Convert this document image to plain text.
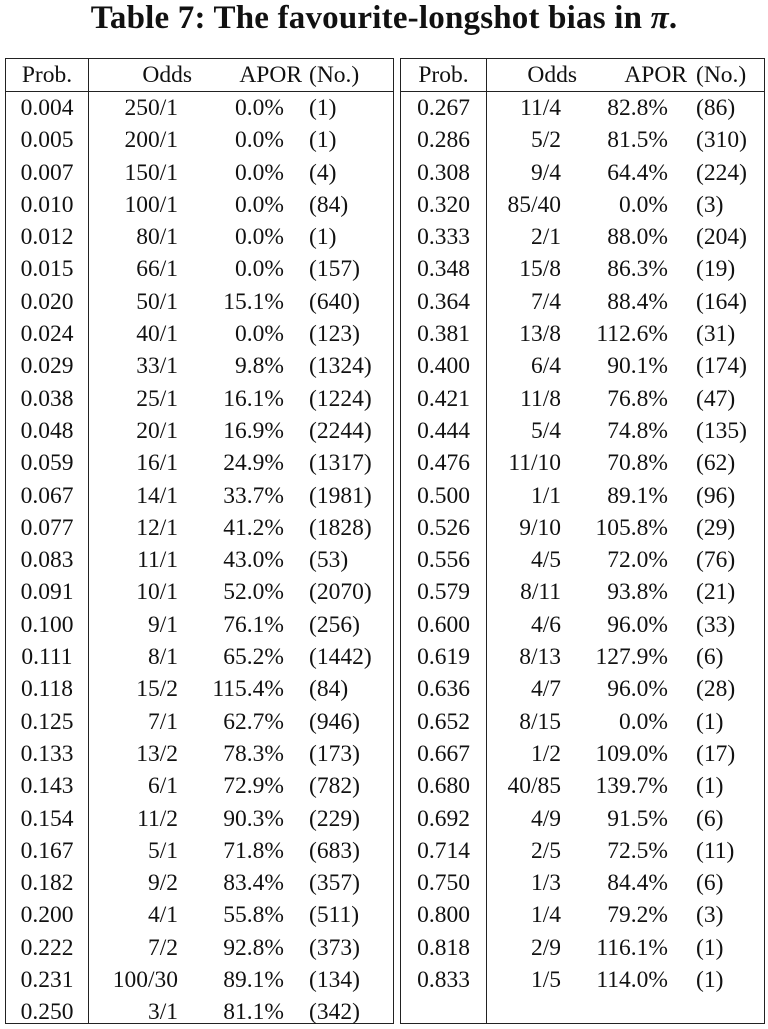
Table 7: The favourite-longshot bias in π.
Prob.	Odds	APOR (No.)
0.004	250/1	0.0% (1)
0.005	200/1	0.0% (1)
0.007	150/1	0.0% (4)
0.010	100/1	0.0% (84)
0.012	80/1	0.0% (1)
0.015	66/1	0.0% (157)
0.020	50/1	15.1% (640)
0.024	40/1	0.0% (123)
0.029	33/1	9.8% (1324)
0.038	25/1	16.1% (1224)
0.048	20/1	16.9% (2244)
0.059	16/1	24.9% (1317)
0.067	14/1	33.7% (1981)
0.077	12/1	41.2% (1828)
0.083	11/1	43.0% (53)
0.091	10/1	52.0% (2070)
0.100	9/1	76.1% (256)
0.111	8/1	65.2% (1442)
0.118	15/2	115.4% (84)
0.125	7/1	62.7% (946)
0.133	13/2	78.3% (173)
0.143	6/1	72.9% (782)
0.154	11/2	90.3% (229)
0.167	5/1	71.8% (683)
0.182	9/2	83.4% (357)
0.200	4/1	55.8% (511)
0.222	7/2	92.8% (373)
0.231	100/30	89.1% (134)
0.250	3/1	81.1% (342)
Prob.	Odds	APOR (No.)
0.267	11/4	82.8% (86)
0.286	5/2	81.5% (310)
0.308	9/4	64.4% (224)
0.320	85/40	0.0% (3)
0.333	2/1	88.0% (204)
0.348	15/8	86.3% (19)
0.364	7/4	88.4% (164)
0.381	13/8	112.6% (31)
0.400	6/4	90.1% (174)
0.421	11/8	76.8% (47)
0.444	5/4	74.8% (135)
0.476	11/10	70.8% (62)
0.500	1/1	89.1% (96)
0.526	9/10	105.8% (29)
0.556	4/5	72.0% (76)
0.579	8/11	93.8% (21)
0.600	4/6	96.0% (33)
0.619	8/13	127.9% (6)
0.636	4/7	96.0% (28)
0.652	8/15	0.0% (1)
0.667	1/2	109.0% (17)
0.680	40/85	139.7% (1)
0.692	4/9	91.5% (6)
0.714	2/5	72.5% (11)
0.750	1/3	84.4% (6)
0.800	1/4	79.2% (3)
0.818	2/9	116.1% (1)
0.833	1/5	114.0% (1)
